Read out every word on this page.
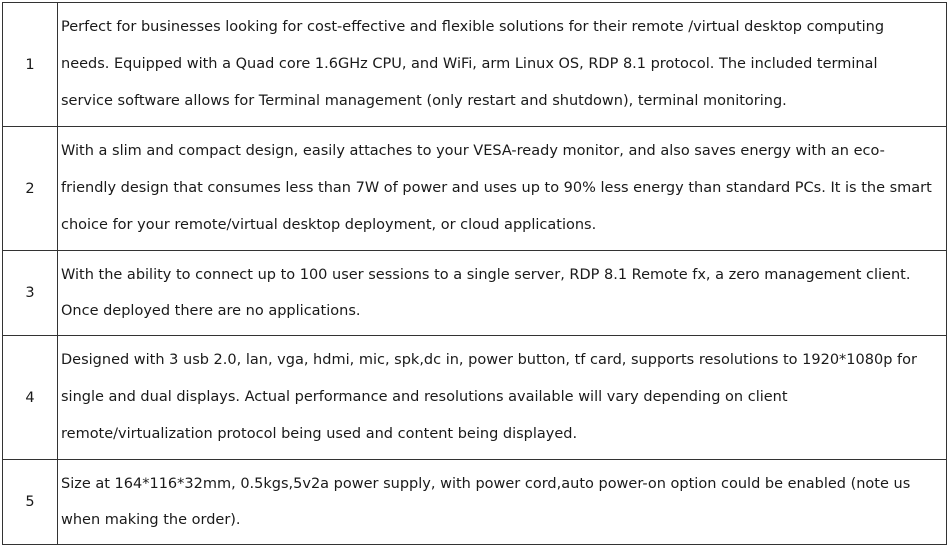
1	Perfect for businesses looking for cost-effective and flexible solutions for their remote /virtual desktop computing
needs. Equipped with a Quad core 1.6GHz CPU, and WiFi, arm Linux OS, RDP 8.1 protocol. The included terminal
service software allows for Terminal management (only restart and shutdown), terminal monitoring.
2	With a slim and compact design, easily attaches to your VESA-ready monitor, and also saves energy with an eco-
friendly design that consumes less than 7W of power and uses up to 90% less energy than standard PCs. It is the smart
choice for your remote/virtual desktop deployment, or cloud applications.
3	With the ability to connect up to 100 user sessions to a single server, RDP 8.1 Remote fx, a zero management client.
Once deployed there are no applications.
4	Designed with 3 usb 2.0, lan, vga, hdmi, mic, spk,dc in, power button, tf card, supports resolutions to 1920*1080p for
single and dual displays. Actual performance and resolutions available will vary depending on client
remote/virtualization protocol being used and content being displayed.
5	Size at 164*116*32mm, 0.5kgs,5v2a power supply, with power cord,auto power-on option could be enabled (note us
when making the order).
